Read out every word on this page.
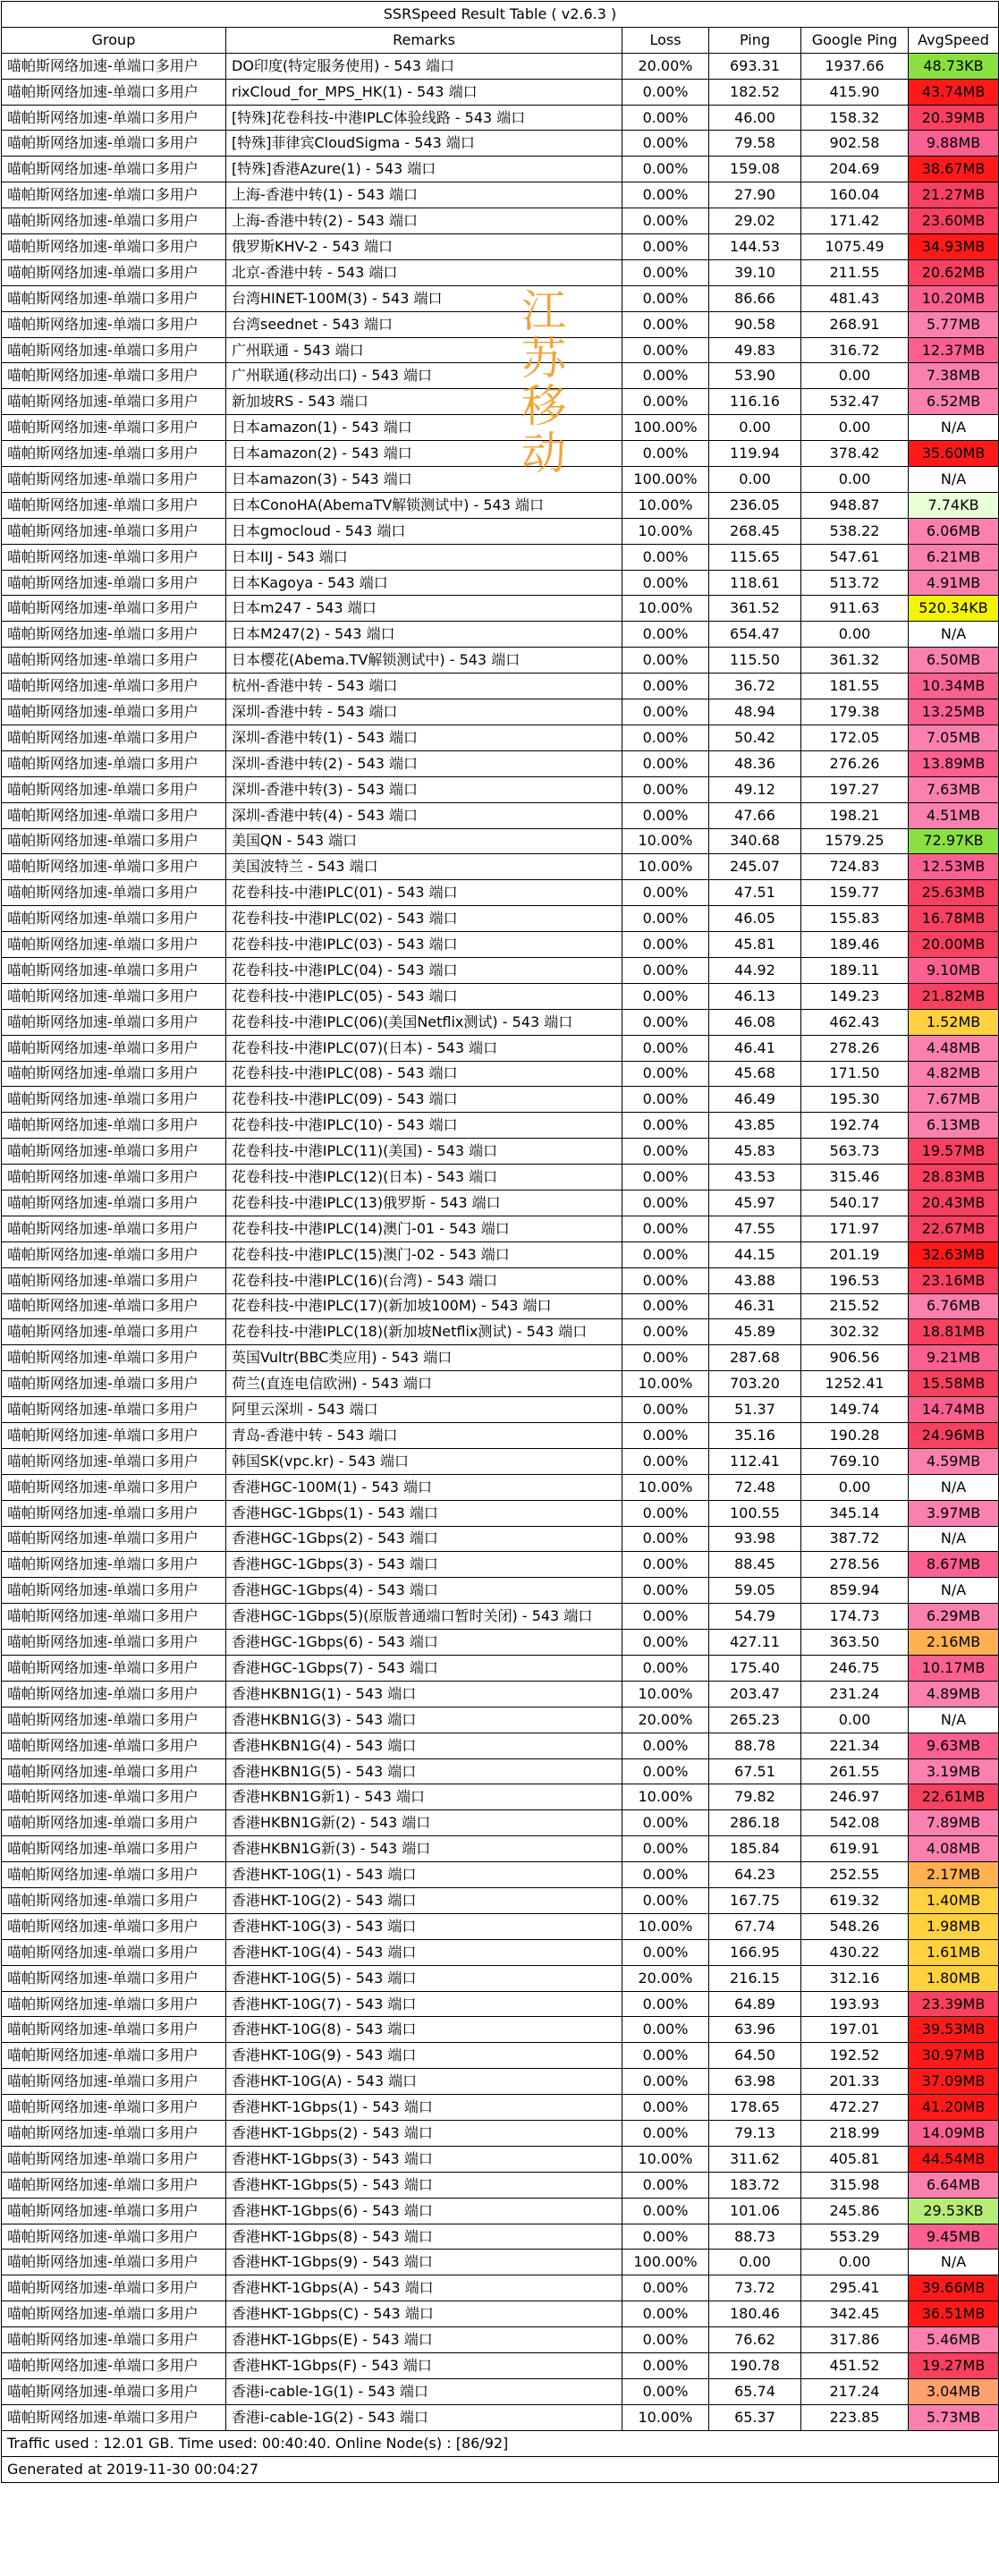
SSRSpeed Result Table ( v2.6.3 )					
Group	Remarks	Loss	Ping	Google Ping	AvgSpeed
喵帕斯网络加速-单端口多用户	DO印度(特定服务使用) - 543 端口	20.00%	693.31	1937.66	48.73KB
喵帕斯网络加速-单端口多用户	rixCloud_for_MPS_HK(1) - 543 端口	0.00%	182.52	415.90	43.74MB
喵帕斯网络加速-单端口多用户	[特殊]花卷科技-中港IPLC体验线路 - 543 端口	0.00%	46.00	158.32	20.39MB
喵帕斯网络加速-单端口多用户	[特殊]菲律宾CloudSigma - 543 端口	0.00%	79.58	902.58	9.88MB
喵帕斯网络加速-单端口多用户	[特殊]香港Azure(1) - 543 端口	0.00%	159.08	204.69	38.67MB
喵帕斯网络加速-单端口多用户	上海-香港中转(1) - 543 端口	0.00%	27.90	160.04	21.27MB
喵帕斯网络加速-单端口多用户	上海-香港中转(2) - 543 端口	0.00%	29.02	171.42	23.60MB
喵帕斯网络加速-单端口多用户	俄罗斯KHV-2 - 543 端口	0.00%	144.53	1075.49	34.93MB
喵帕斯网络加速-单端口多用户	北京-香港中转 - 543 端口	0.00%	39.10	211.55	20.62MB
喵帕斯网络加速-单端口多用户	台湾HINET-100M(3) - 543 端口	0.00%	86.66	481.43	10.20MB
喵帕斯网络加速-单端口多用户	台湾seednet - 543 端口	0.00%	90.58	268.91	5.77MB
喵帕斯网络加速-单端口多用户	广州联通 - 543 端口	0.00%	49.83	316.72	12.37MB
喵帕斯网络加速-单端口多用户	广州联通(移动出口) - 543 端口	0.00%	53.90	0.00	7.38MB
喵帕斯网络加速-单端口多用户	新加坡RS - 543 端口	0.00%	116.16	532.47	6.52MB
喵帕斯网络加速-单端口多用户	日本amazon(1) - 543 端口	100.00%	0.00	0.00	N/A
喵帕斯网络加速-单端口多用户	日本amazon(2) - 543 端口	0.00%	119.94	378.42	35.60MB
喵帕斯网络加速-单端口多用户	日本amazon(3) - 543 端口	100.00%	0.00	0.00	N/A
喵帕斯网络加速-单端口多用户	日本ConoHA(AbemaTV解锁测试中) - 543 端口	10.00%	236.05	948.87	7.74KB
喵帕斯网络加速-单端口多用户	日本gmocloud - 543 端口	10.00%	268.45	538.22	6.06MB
喵帕斯网络加速-单端口多用户	日本IIJ - 543 端口	0.00%	115.65	547.61	6.21MB
喵帕斯网络加速-单端口多用户	日本Kagoya - 543 端口	0.00%	118.61	513.72	4.91MB
喵帕斯网络加速-单端口多用户	日本m247 - 543 端口	10.00%	361.52	911.63	520.34KB
喵帕斯网络加速-单端口多用户	日本M247(2) - 543 端口	0.00%	654.47	0.00	N/A
喵帕斯网络加速-单端口多用户	日本樱花(Abema.TV解锁测试中) - 543 端口	0.00%	115.50	361.32	6.50MB
喵帕斯网络加速-单端口多用户	杭州-香港中转 - 543 端口	0.00%	36.72	181.55	10.34MB
喵帕斯网络加速-单端口多用户	深圳-香港中转 - 543 端口	0.00%	48.94	179.38	13.25MB
喵帕斯网络加速-单端口多用户	深圳-香港中转(1) - 543 端口	0.00%	50.42	172.05	7.05MB
喵帕斯网络加速-单端口多用户	深圳-香港中转(2) - 543 端口	0.00%	48.36	276.26	13.89MB
喵帕斯网络加速-单端口多用户	深圳-香港中转(3) - 543 端口	0.00%	49.12	197.27	7.63MB
喵帕斯网络加速-单端口多用户	深圳-香港中转(4) - 543 端口	0.00%	47.66	198.21	4.51MB
喵帕斯网络加速-单端口多用户	美国QN - 543 端口	10.00%	340.68	1579.25	72.97KB
喵帕斯网络加速-单端口多用户	美国波特兰 - 543 端口	10.00%	245.07	724.83	12.53MB
喵帕斯网络加速-单端口多用户	花卷科技-中港IPLC(01) - 543 端口	0.00%	47.51	159.77	25.63MB
喵帕斯网络加速-单端口多用户	花卷科技-中港IPLC(02) - 543 端口	0.00%	46.05	155.83	16.78MB
喵帕斯网络加速-单端口多用户	花卷科技-中港IPLC(03) - 543 端口	0.00%	45.81	189.46	20.00MB
喵帕斯网络加速-单端口多用户	花卷科技-中港IPLC(04) - 543 端口	0.00%	44.92	189.11	9.10MB
喵帕斯网络加速-单端口多用户	花卷科技-中港IPLC(05) - 543 端口	0.00%	46.13	149.23	21.82MB
喵帕斯网络加速-单端口多用户	花卷科技-中港IPLC(06)(美国Netflix测试) - 543 端口	0.00%	46.08	462.43	1.52MB
喵帕斯网络加速-单端口多用户	花卷科技-中港IPLC(07)(日本) - 543 端口	0.00%	46.41	278.26	4.48MB
喵帕斯网络加速-单端口多用户	花卷科技-中港IPLC(08) - 543 端口	0.00%	45.68	171.50	4.82MB
喵帕斯网络加速-单端口多用户	花卷科技-中港IPLC(09) - 543 端口	0.00%	46.49	195.30	7.67MB
喵帕斯网络加速-单端口多用户	花卷科技-中港IPLC(10) - 543 端口	0.00%	43.85	192.74	6.13MB
喵帕斯网络加速-单端口多用户	花卷科技-中港IPLC(11)(美国) - 543 端口	0.00%	45.83	563.73	19.57MB
喵帕斯网络加速-单端口多用户	花卷科技-中港IPLC(12)(日本) - 543 端口	0.00%	43.53	315.46	28.83MB
喵帕斯网络加速-单端口多用户	花卷科技-中港IPLC(13)俄罗斯 - 543 端口	0.00%	45.97	540.17	20.43MB
喵帕斯网络加速-单端口多用户	花卷科技-中港IPLC(14)澳门-01 - 543 端口	0.00%	47.55	171.97	22.67MB
喵帕斯网络加速-单端口多用户	花卷科技-中港IPLC(15)澳门-02 - 543 端口	0.00%	44.15	201.19	32.63MB
喵帕斯网络加速-单端口多用户	花卷科技-中港IPLC(16)(台湾) - 543 端口	0.00%	43.88	196.53	23.16MB
喵帕斯网络加速-单端口多用户	花卷科技-中港IPLC(17)(新加坡100M) - 543 端口	0.00%	46.31	215.52	6.76MB
喵帕斯网络加速-单端口多用户	花卷科技-中港IPLC(18)(新加坡Netflix测试) - 543 端口	0.00%	45.89	302.32	18.81MB
喵帕斯网络加速-单端口多用户	英国Vultr(BBC类应用) - 543 端口	0.00%	287.68	906.56	9.21MB
喵帕斯网络加速-单端口多用户	荷兰(直连电信欧洲) - 543 端口	10.00%	703.20	1252.41	15.58MB
喵帕斯网络加速-单端口多用户	阿里云深圳 - 543 端口	0.00%	51.37	149.74	14.74MB
喵帕斯网络加速-单端口多用户	青岛-香港中转 - 543 端口	0.00%	35.16	190.28	24.96MB
喵帕斯网络加速-单端口多用户	韩国SK(vpc.kr) - 543 端口	0.00%	112.41	769.10	4.59MB
喵帕斯网络加速-单端口多用户	香港HGC-100M(1) - 543 端口	10.00%	72.48	0.00	N/A
喵帕斯网络加速-单端口多用户	香港HGC-1Gbps(1) - 543 端口	0.00%	100.55	345.14	3.97MB
喵帕斯网络加速-单端口多用户	香港HGC-1Gbps(2) - 543 端口	0.00%	93.98	387.72	N/A
喵帕斯网络加速-单端口多用户	香港HGC-1Gbps(3) - 543 端口	0.00%	88.45	278.56	8.67MB
喵帕斯网络加速-单端口多用户	香港HGC-1Gbps(4) - 543 端口	0.00%	59.05	859.94	N/A
喵帕斯网络加速-单端口多用户	香港HGC-1Gbps(5)(原版普通端口暂时关闭) - 543 端口	0.00%	54.79	174.73	6.29MB
喵帕斯网络加速-单端口多用户	香港HGC-1Gbps(6) - 543 端口	0.00%	427.11	363.50	2.16MB
喵帕斯网络加速-单端口多用户	香港HGC-1Gbps(7) - 543 端口	0.00%	175.40	246.75	10.17MB
喵帕斯网络加速-单端口多用户	香港HKBN1G(1) - 543 端口	10.00%	203.47	231.24	4.89MB
喵帕斯网络加速-单端口多用户	香港HKBN1G(3) - 543 端口	20.00%	265.23	0.00	N/A
喵帕斯网络加速-单端口多用户	香港HKBN1G(4) - 543 端口	0.00%	88.78	221.34	9.63MB
喵帕斯网络加速-单端口多用户	香港HKBN1G(5) - 543 端口	0.00%	67.51	261.55	3.19MB
喵帕斯网络加速-单端口多用户	香港HKBN1G新1) - 543 端口	10.00%	79.82	246.97	22.61MB
喵帕斯网络加速-单端口多用户	香港HKBN1G新(2) - 543 端口	0.00%	286.18	542.08	7.89MB
喵帕斯网络加速-单端口多用户	香港HKBN1G新(3) - 543 端口	0.00%	185.84	619.91	4.08MB
喵帕斯网络加速-单端口多用户	香港HKT-10G(1) - 543 端口	0.00%	64.23	252.55	2.17MB
喵帕斯网络加速-单端口多用户	香港HKT-10G(2) - 543 端口	0.00%	167.75	619.32	1.40MB
喵帕斯网络加速-单端口多用户	香港HKT-10G(3) - 543 端口	10.00%	67.74	548.26	1.98MB
喵帕斯网络加速-单端口多用户	香港HKT-10G(4) - 543 端口	0.00%	166.95	430.22	1.61MB
喵帕斯网络加速-单端口多用户	香港HKT-10G(5) - 543 端口	20.00%	216.15	312.16	1.80MB
喵帕斯网络加速-单端口多用户	香港HKT-10G(7) - 543 端口	0.00%	64.89	193.93	23.39MB
喵帕斯网络加速-单端口多用户	香港HKT-10G(8) - 543 端口	0.00%	63.96	197.01	39.53MB
喵帕斯网络加速-单端口多用户	香港HKT-10G(9) - 543 端口	0.00%	64.50	192.52	30.97MB
喵帕斯网络加速-单端口多用户	香港HKT-10G(A) - 543 端口	0.00%	63.98	201.33	37.09MB
喵帕斯网络加速-单端口多用户	香港HKT-1Gbps(1) - 543 端口	0.00%	178.65	472.27	41.20MB
喵帕斯网络加速-单端口多用户	香港HKT-1Gbps(2) - 543 端口	0.00%	79.13	218.99	14.09MB
喵帕斯网络加速-单端口多用户	香港HKT-1Gbps(3) - 543 端口	10.00%	311.62	405.81	44.54MB
喵帕斯网络加速-单端口多用户	香港HKT-1Gbps(5) - 543 端口	0.00%	183.72	315.98	6.64MB
喵帕斯网络加速-单端口多用户	香港HKT-1Gbps(6) - 543 端口	0.00%	101.06	245.86	29.53KB
喵帕斯网络加速-单端口多用户	香港HKT-1Gbps(8) - 543 端口	0.00%	88.73	553.29	9.45MB
喵帕斯网络加速-单端口多用户	香港HKT-1Gbps(9) - 543 端口	100.00%	0.00	0.00	N/A
喵帕斯网络加速-单端口多用户	香港HKT-1Gbps(A) - 543 端口	0.00%	73.72	295.41	39.66MB
喵帕斯网络加速-单端口多用户	香港HKT-1Gbps(C) - 543 端口	0.00%	180.46	342.45	36.51MB
喵帕斯网络加速-单端口多用户	香港HKT-1Gbps(E) - 543 端口	0.00%	76.62	317.86	5.46MB
喵帕斯网络加速-单端口多用户	香港HKT-1Gbps(F) - 543 端口	0.00%	190.78	451.52	19.27MB
喵帕斯网络加速-单端口多用户	香港i-cable-1G(1) - 543 端口	0.00%	65.74	217.24	3.04MB
喵帕斯网络加速-单端口多用户	香港i-cable-1G(2) - 543 端口	10.00%	65.37	223.85	5.73MB
Traffic used : 12.01 GB. Time used: 00:40:40. Online Node(s) : [86/92]					
Generated at 2019-11-30 00:04:27					
江苏移动
